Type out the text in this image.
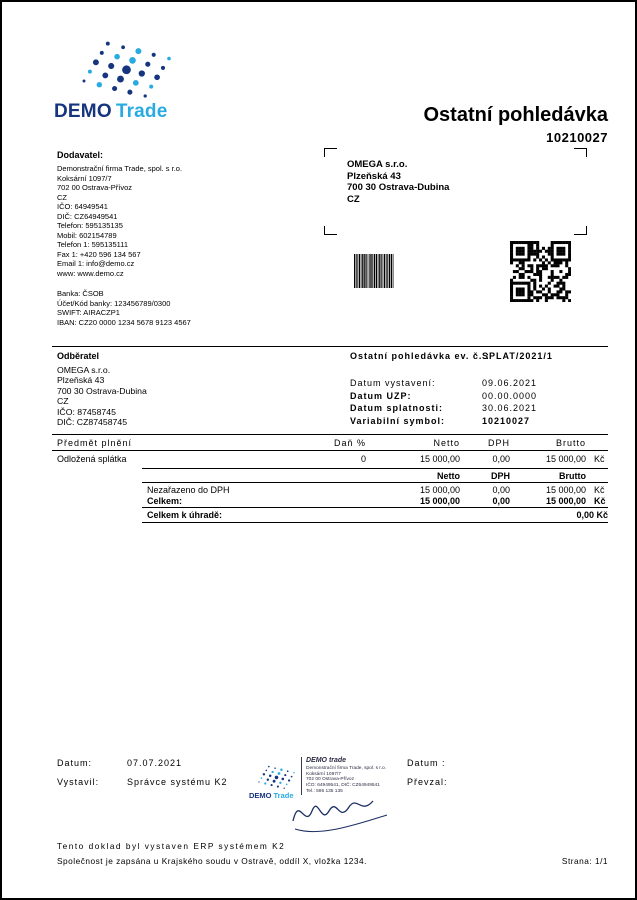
DEMO Trade	Ostatní pohledávka
10210027
Dodavatel:
Demonstrační firma Trade, spol. s r.o.
Koksární 1097/7
702 00 Ostrava-Přívoz
CZ
IČO: 64949541
DIČ: CZ64949541
Telefon: 595135135
Mobil: 602154789
Telefon 1: 595135111
Fax 1: +420 596 134 567
Email 1: info@demo.cz
www: www.demo.cz
Banka: ČSOB
Účet/Kód banky: 123456789/0300
SWIFT: AIRACZP1
IBAN: CZ20 0000 1234 5678 9123 4567
OMEGA s.r.o.
Plzeňská 43
700 30 Ostrava-Dubina
CZ
Odběratel
OMEGA s.r.o.
Plzeňská 43
700 30 Ostrava-Dubina
CZ
IČO: 87458745
DIČ: CZ87458745
Ostatní pohledávka ev. č. :
SPLAT/2021/1
Datum vystavení:	09.06.2021
Datum UZP:	00.00.0000
Datum splatnosti:	30.06.2021
Variabilní symbol:	10210027
Předmět plnění	Daň %	Netto	DPH	Brutto
Odložená splátka	0	15 000,00	0,00	15 000,00 Kč
Netto	DPH	Brutto
Nezařazeno do DPH	15 000,00	0,00	15 000,00 Kč
Celkem:	15 000,00	0,00	15 000,00 Kč
Celkem k úhradě:	0,00 Kč
Datum:	07.07.2021
Vystavil:	Správce systému K2
Datum :
Převzal:
DEMO Trade
DEMO trade
Demonstrační firma Trade, spol. s r.o.
Koksární 1097/7
702 00 Ostrava-Přívoz
IČO: 64949541, DIČ: CZ64949541
Tel.: 595 135 135
Tento doklad byl vystaven ERP systémem K2
Společnost je zapsána u Krajského soudu v Ostravě, oddíl X, vložka 1234.	Strana: 1/1
